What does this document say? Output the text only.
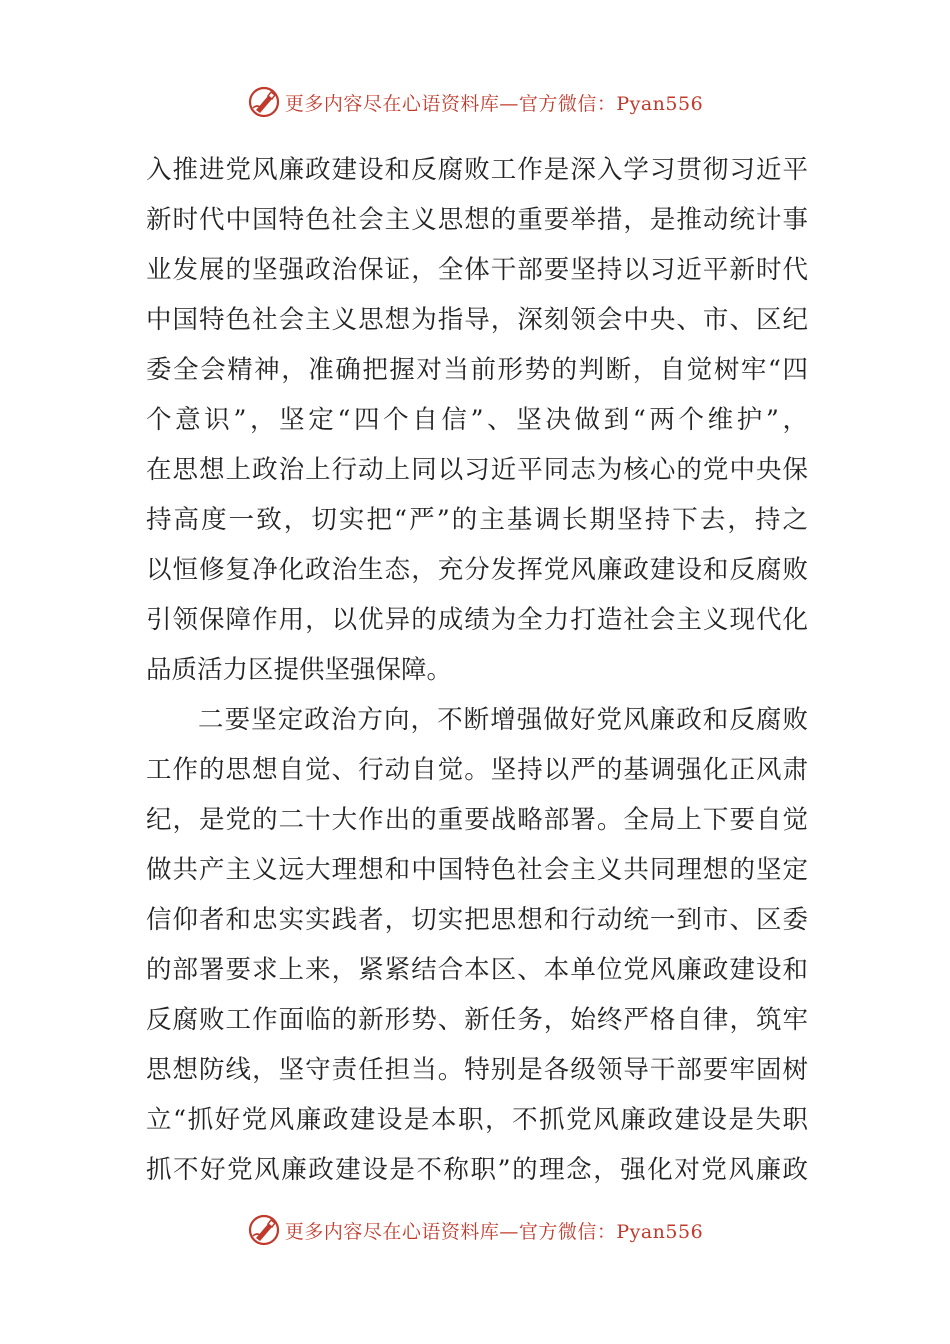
更多内容尽在心语资料库—官方微信：Pyan556
入推进党风廉政建设和反腐败工作是深入学习贯彻习近平
新时代中国特色社会主义思想的重要举措，是推动统计事
业发展的坚强政治保证，全体干部要坚持以习近平新时代
中国特色社会主义思想为指导，深刻领会中央、市、区纪
委全会精神，准确把握对当前形势的判断，自觉树牢“四
个意识”，坚定“四个自信”、坚决做到“两个维护”，
在思想上政治上行动上同以习近平同志为核心的党中央保
持高度一致，切实把“严”的主基调长期坚持下去，持之
以恒修复净化政治生态，充分发挥党风廉政建设和反腐败
引领保障作用，以优异的成绩为全力打造社会主义现代化
品质活力区提供坚强保障。
二要坚定政治方向，不断增强做好党风廉政和反腐败
工作的思想自觉、行动自觉。坚持以严的基调强化正风肃
纪，是党的二十大作出的重要战略部署。全局上下要自觉
做共产主义远大理想和中国特色社会主义共同理想的坚定
信仰者和忠实实践者，切实把思想和行动统一到市、区委
的部署要求上来，紧紧结合本区、本单位党风廉政建设和
反腐败工作面临的新形势、新任务，始终严格自律，筑牢
思想防线，坚守责任担当。特别是各级领导干部要牢固树
立“抓好党风廉政建设是本职，不抓党风廉政建设是失职
抓不好党风廉政建设是不称职”的理念，强化对党风廉政
更多内容尽在心语资料库—官方微信：Pyan556
